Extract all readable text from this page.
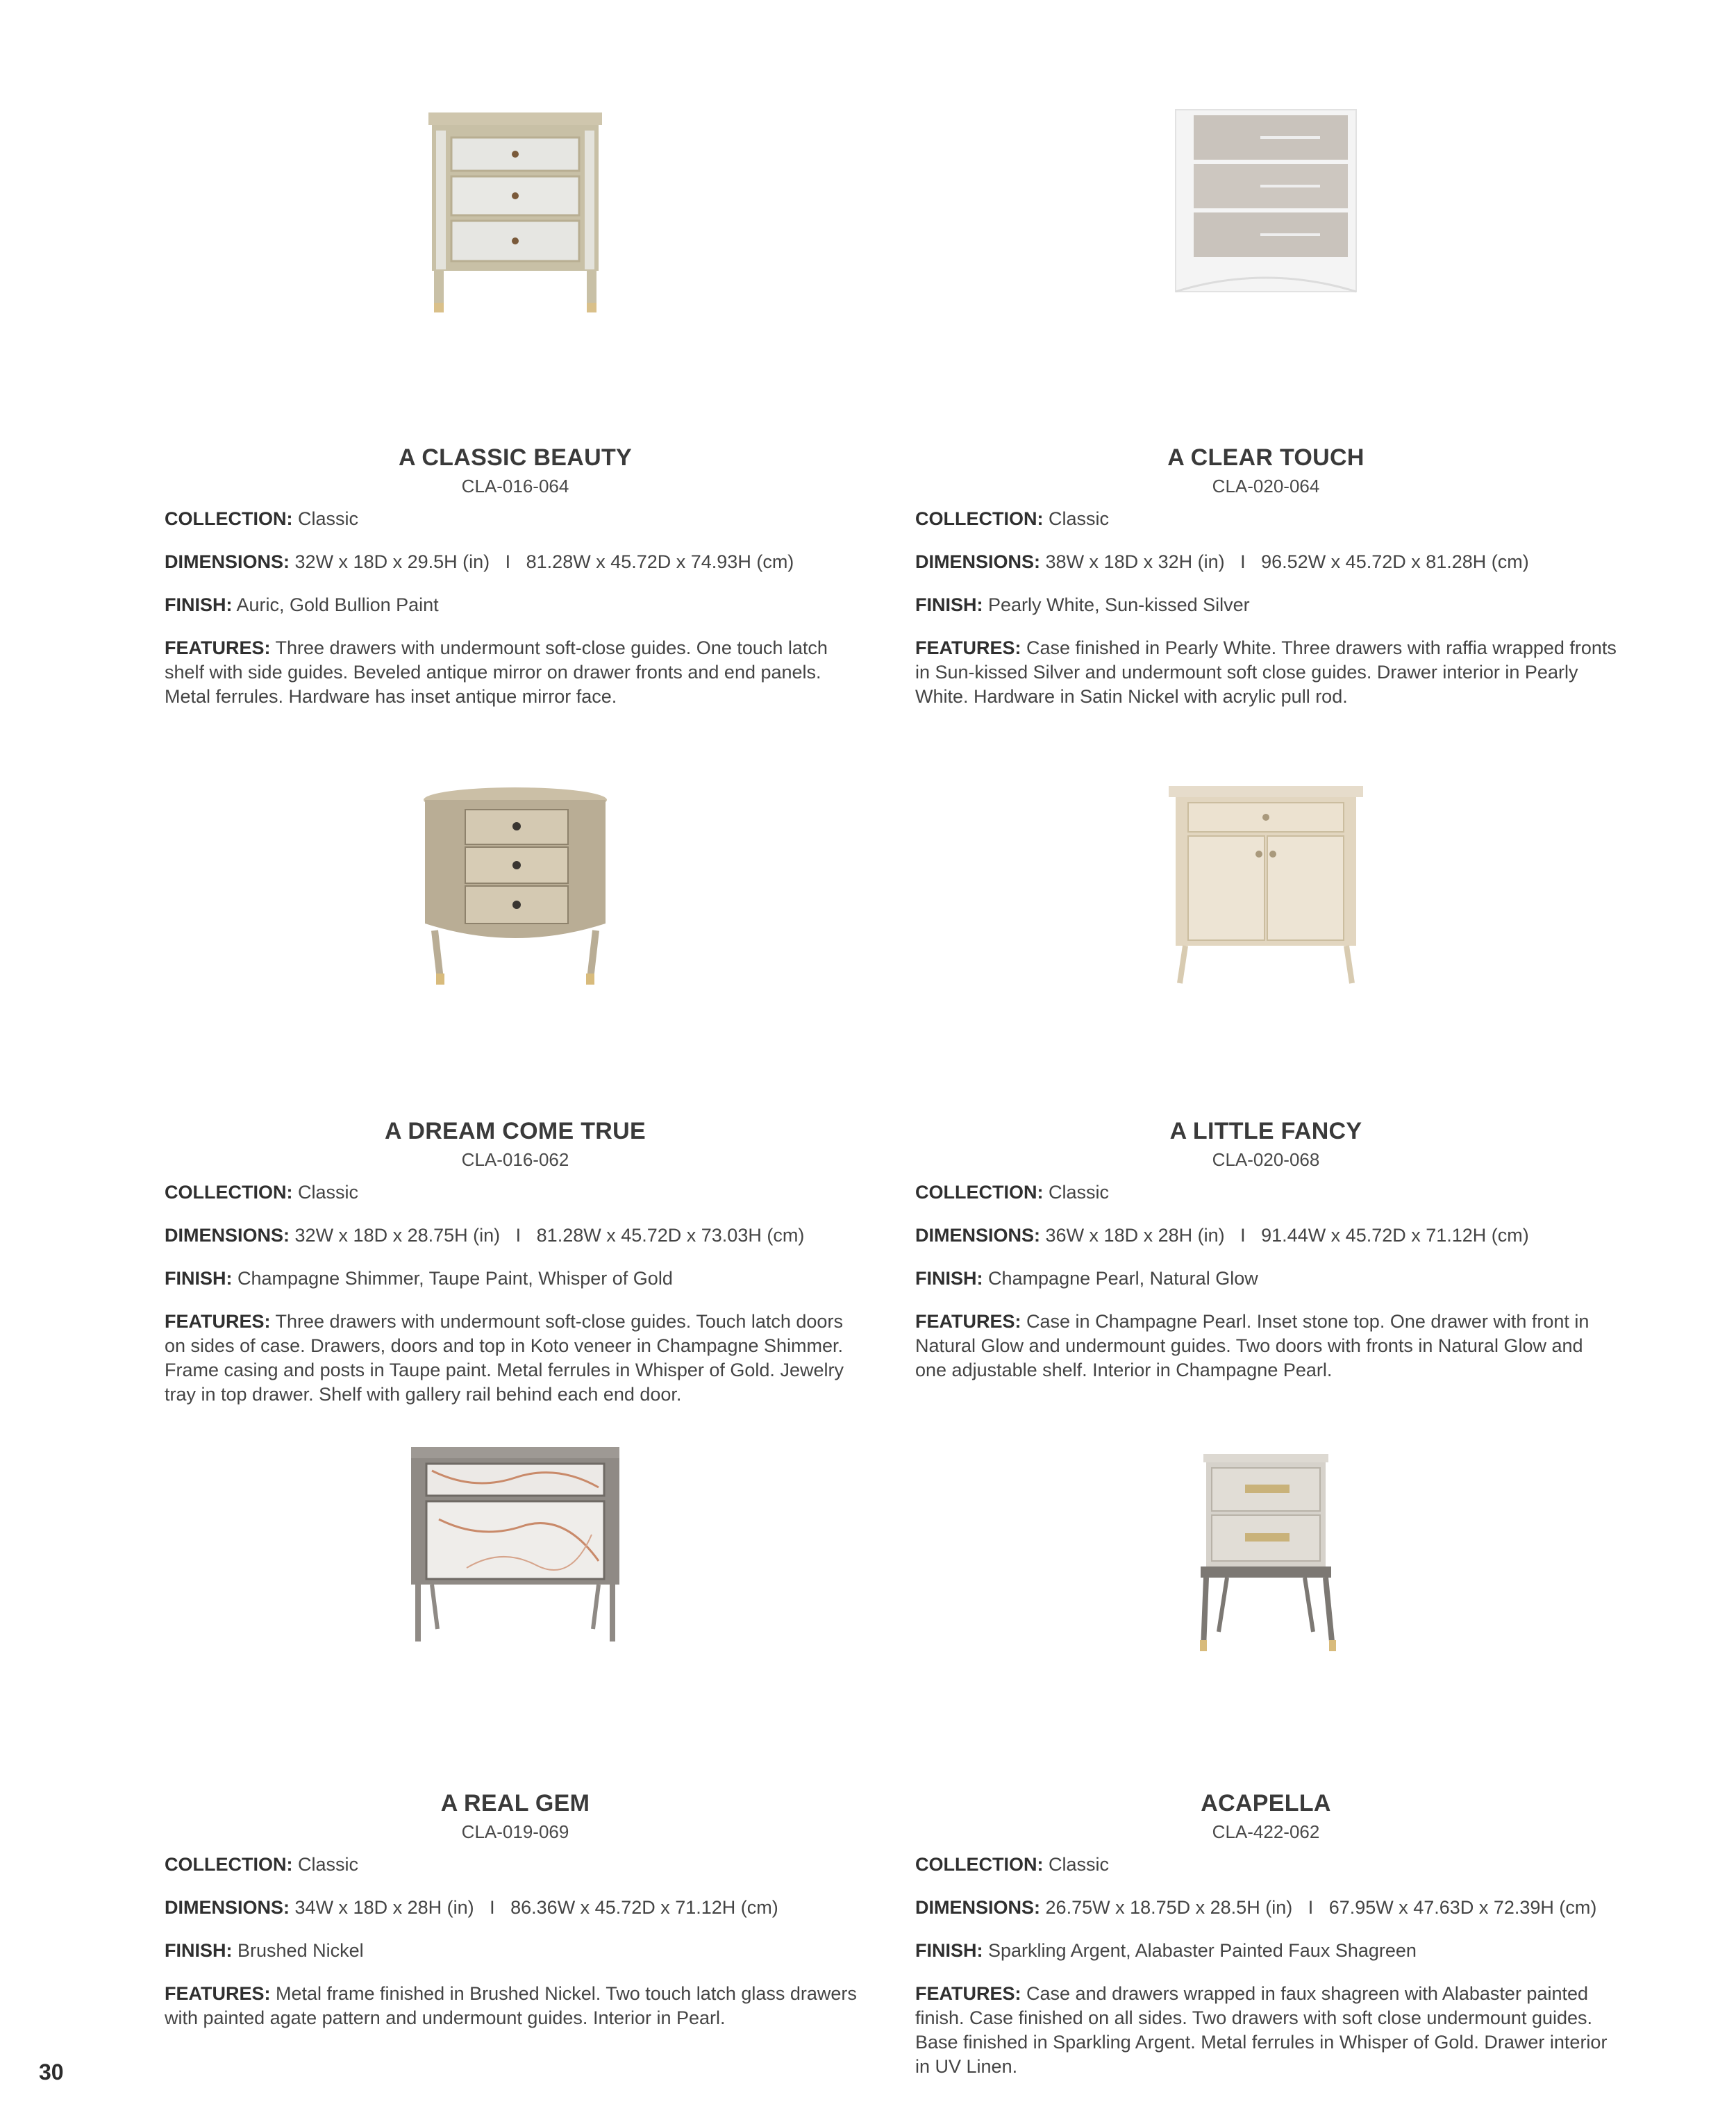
A CLASSIC BEAUTY
CLA-016-064

COLLECTION: Classic

DIMENSIONS: 32W x 18D x 29.5H (in)   I   81.28W x 45.72D x 74.93H (cm)

FINISH: Auric, Gold Bullion Paint

FEATURES: Three drawers with undermount soft-close guides. One touch latch shelf with side guides. Beveled antique mirror on drawer fronts and end panels. Metal ferrules. Hardware has inset antique mirror face.

A CLEAR TOUCH
CLA-020-064

COLLECTION: Classic

DIMENSIONS: 38W x 18D x 32H (in)   I   96.52W x 45.72D x 81.28H (cm)

FINISH: Pearly White, Sun-kissed Silver

FEATURES: Case finished in Pearly White. Three drawers with raffia wrapped fronts in Sun-kissed Silver and undermount soft close guides. Drawer interior in Pearly White. Hardware in Satin Nickel with acrylic pull rod.

A DREAM COME TRUE
CLA-016-062

COLLECTION: Classic

DIMENSIONS: 32W x 18D x 28.75H (in)   I   81.28W x 45.72D x 73.03H (cm)

FINISH: Champagne Shimmer, Taupe Paint, Whisper of Gold

FEATURES: Three drawers with undermount soft-close guides. Touch latch doors on sides of case. Drawers, doors and top in Koto veneer in Champagne Shimmer. Frame casing and posts in Taupe paint. Metal ferrules in Whisper of Gold. Jewelry tray in top drawer. Shelf with gallery rail behind each end door.

A LITTLE FANCY
CLA-020-068

COLLECTION: Classic

DIMENSIONS: 36W x 18D x 28H (in)   I   91.44W x 45.72D x 71.12H (cm)

FINISH: Champagne Pearl, Natural Glow

FEATURES: Case in Champagne Pearl. Inset stone top. One drawer with front in Natural Glow and undermount guides. Two doors with fronts in Natural Glow and one adjustable shelf. Interior in Champagne Pearl.

A REAL GEM
CLA-019-069

COLLECTION: Classic

DIMENSIONS: 34W x 18D x 28H (in)   I   86.36W x 45.72D x 71.12H (cm)

FINISH: Brushed Nickel

FEATURES: Metal frame finished in Brushed Nickel. Two touch latch glass drawers with painted agate pattern and undermount guides. Interior in Pearl.

ACAPELLA
CLA-422-062

COLLECTION: Classic

DIMENSIONS: 26.75W x 18.75D x 28.5H (in)   I   67.95W x 47.63D x 72.39H (cm)

FINISH: Sparkling Argent, Alabaster Painted Faux Shagreen

FEATURES: Case and drawers wrapped in faux shagreen with Alabaster painted finish. Case finished on all sides. Two drawers with soft close undermount guides. Base finished in Sparkling Argent. Metal ferrules in Whisper of Gold. Drawer interior in UV Linen.

30
